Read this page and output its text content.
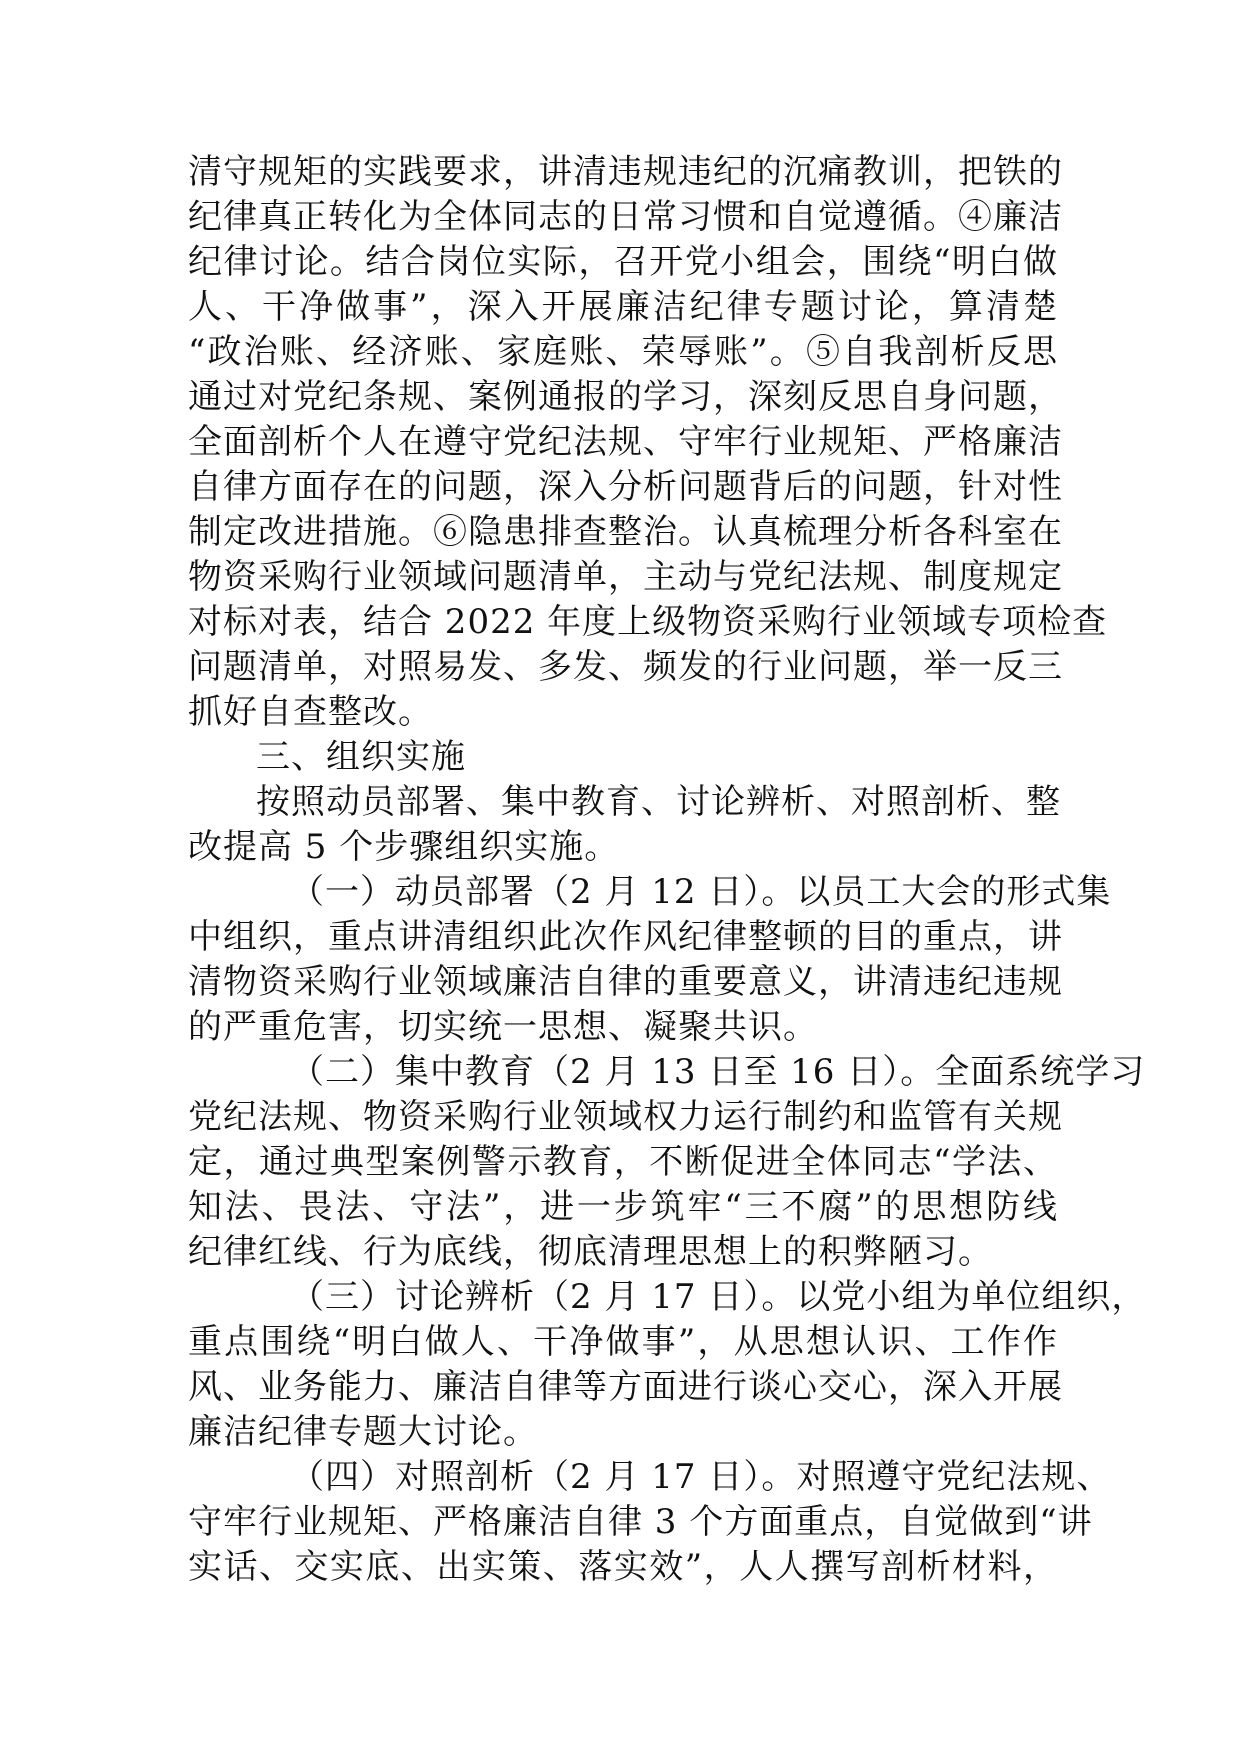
清守规矩的实践要求，讲清违规违纪的沉痛教训，把铁的
纪律真正转化为全体同志的日常习惯和自觉遵循。④廉洁
纪律讨论。结合岗位实际，召开党小组会，围绕“明白做
人、干净做事”，深入开展廉洁纪律专题讨论，算清楚
“政治账、经济账、家庭账、荣辱账”。⑤自我剖析反思
通过对党纪条规、案例通报的学习，深刻反思自身问题，
全面剖析个人在遵守党纪法规、守牢行业规矩、严格廉洁
自律方面存在的问题，深入分析问题背后的问题，针对性
制定改进措施。⑥隐患排查整治。认真梳理分析各科室在
物资采购行业领域问题清单，主动与党纪法规、制度规定
对标对表，结合 2022 年度上级物资采购行业领域专项检查
问题清单，对照易发、多发、频发的行业问题，举一反三
抓好自查整改。
三、组织实施
按照动员部署、集中教育、讨论辨析、对照剖析、整
改提高 5 个步骤组织实施。
（一）动员部署（2 月 12 日）。以员工大会的形式集
中组织，重点讲清组织此次作风纪律整顿的目的重点，讲
清物资采购行业领域廉洁自律的重要意义，讲清违纪违规
的严重危害，切实统一思想、凝聚共识。
（二）集中教育（2 月 13 日至 16 日）。全面系统学习
党纪法规、物资采购行业领域权力运行制约和监管有关规
定，通过典型案例警示教育，不断促进全体同志“学法、
知法、畏法、守法”，进一步筑牢“三不腐”的思想防线
纪律红线、行为底线，彻底清理思想上的积弊陋习。
（三）讨论辨析（2 月 17 日）。以党小组为单位组织，
重点围绕“明白做人、干净做事”，从思想认识、工作作
风、业务能力、廉洁自律等方面进行谈心交心，深入开展
廉洁纪律专题大讨论。
（四）对照剖析（2 月 17 日）。对照遵守党纪法规、
守牢行业规矩、严格廉洁自律 3 个方面重点，自觉做到“讲
实话、交实底、出实策、落实效”，人人撰写剖析材料，
